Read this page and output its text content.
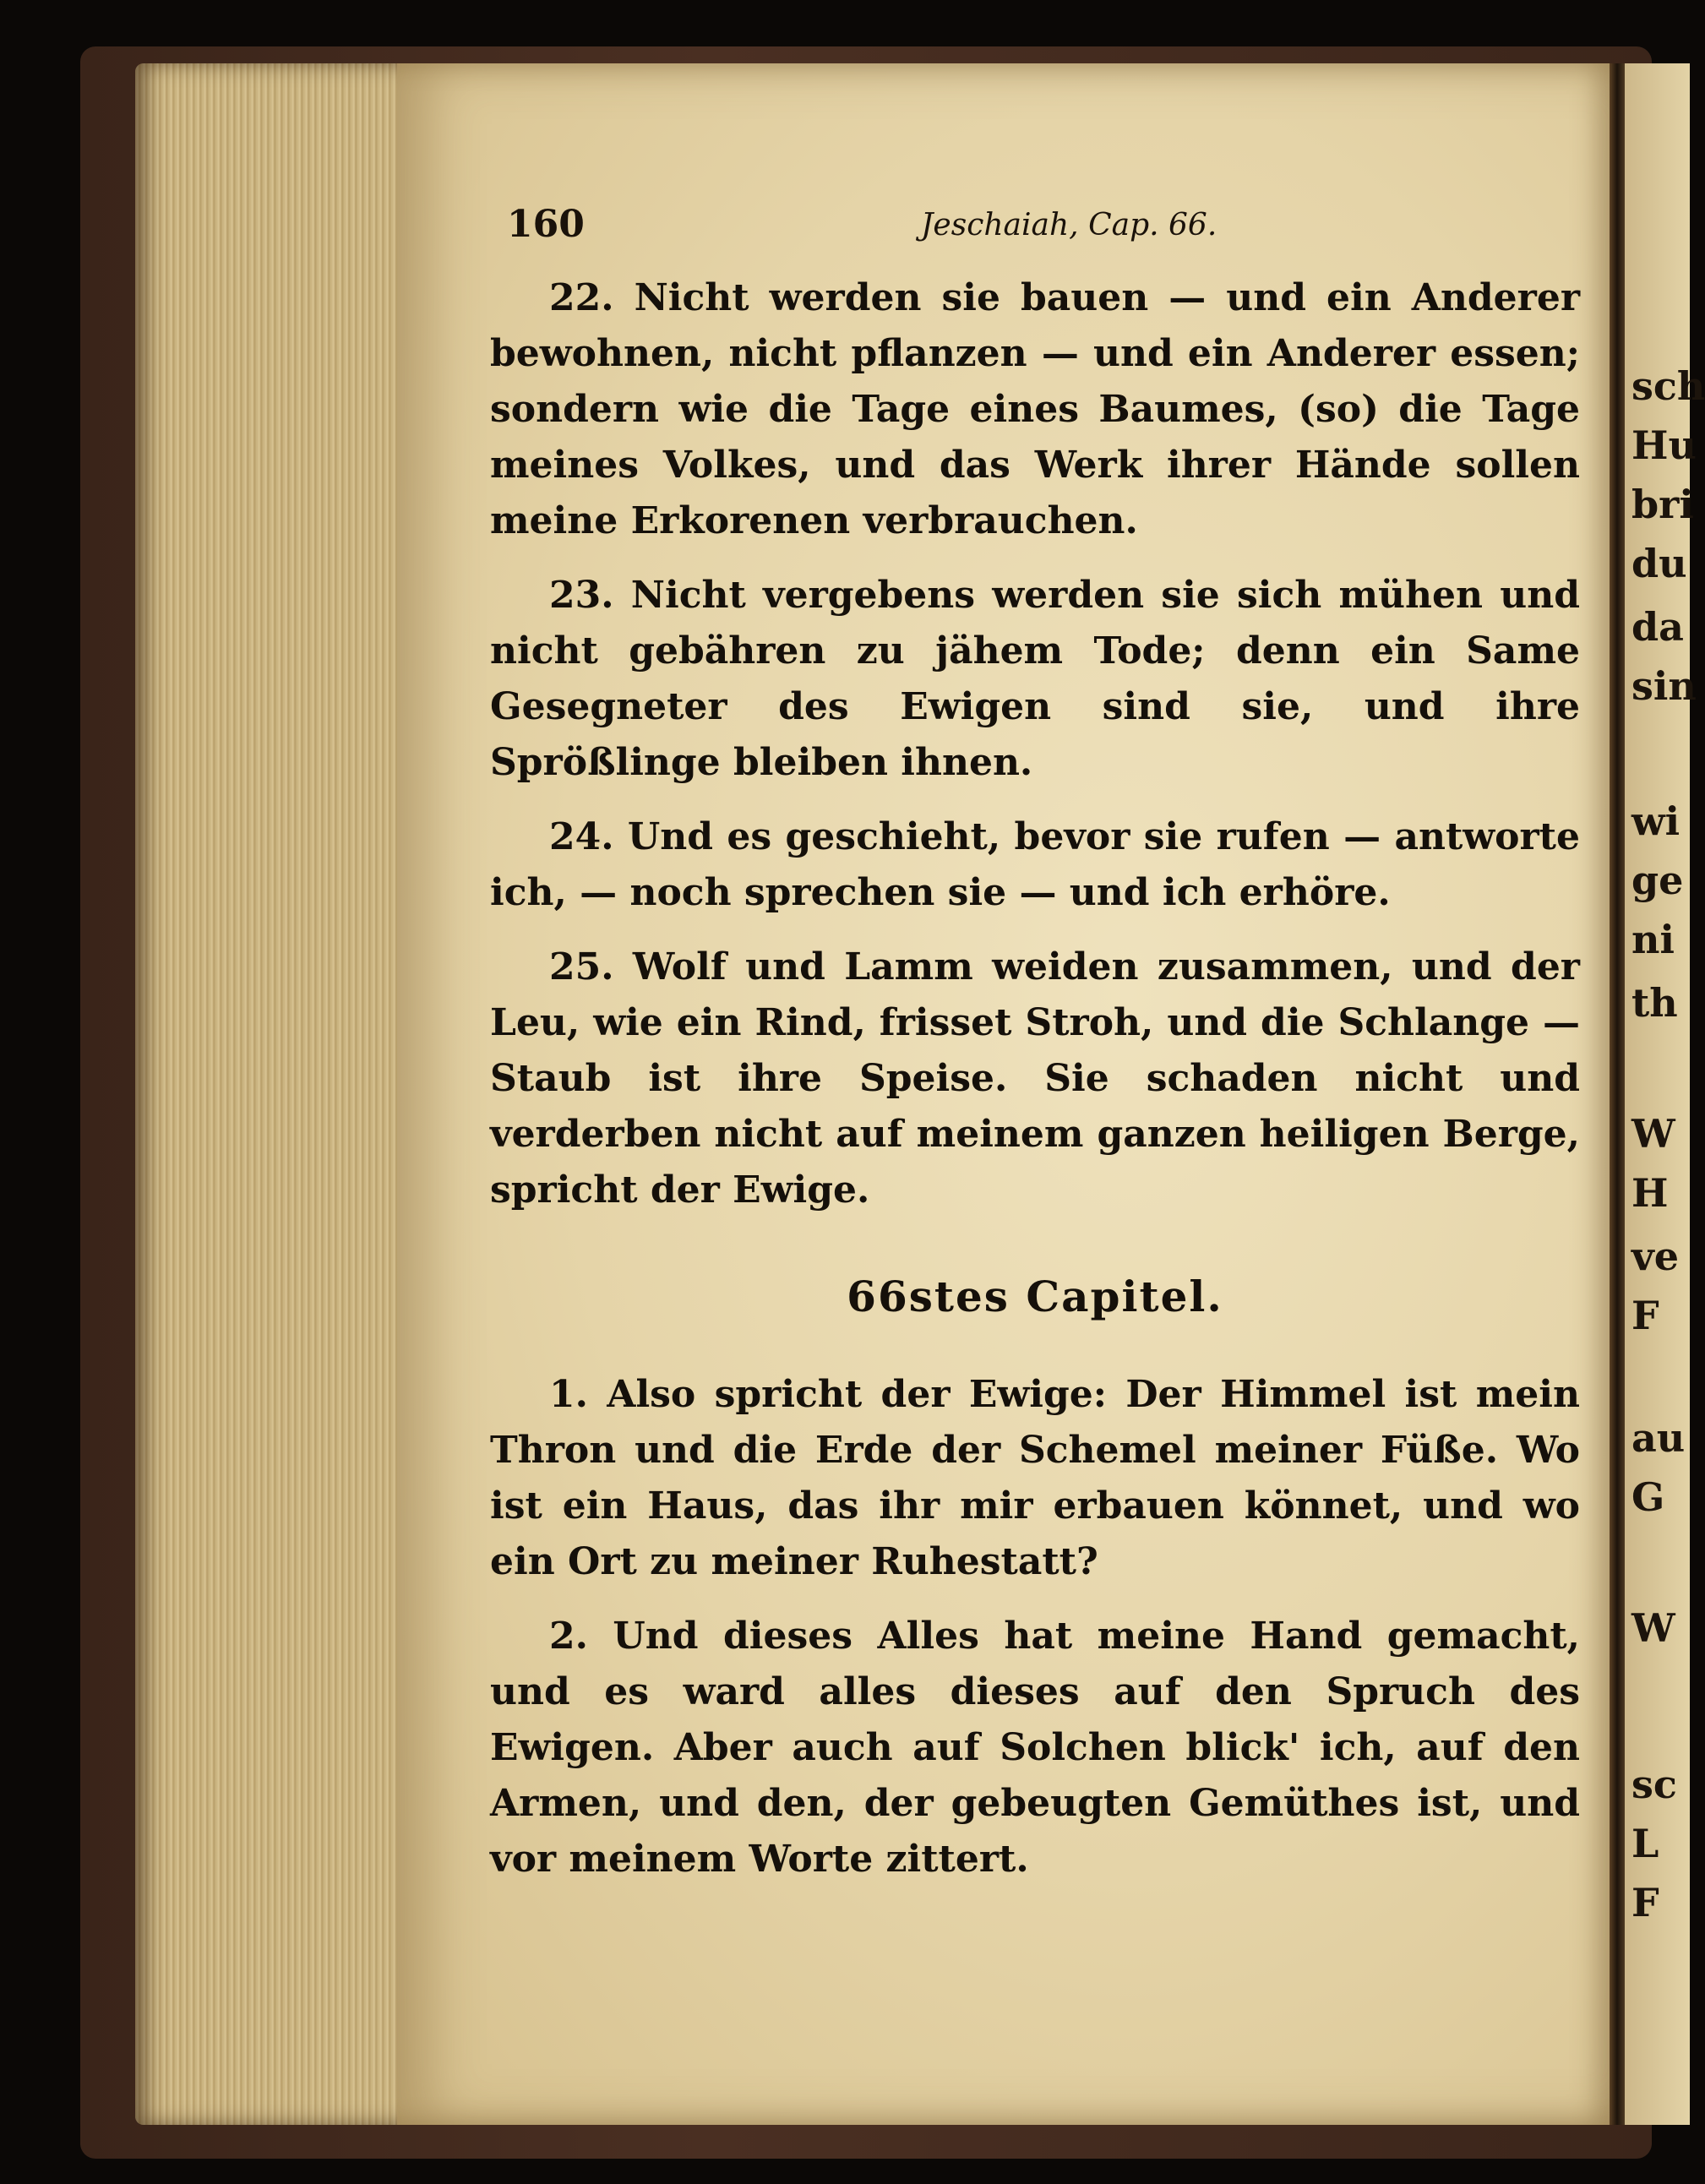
sch
Hu
bri
du
da
sin
wi
ge
ni
th
W
H
ve
F
au
G
W
sc
L
F
160	Jeschaiah, Cap. 66.

22. Nicht werden sie bauen — und ein Anderer bewohnen, nicht pflanzen — und ein Anderer essen; sondern wie die Tage eines Baumes, (so) die Tage meines Volkes, und das Werk ihrer Hände sollen meine Erkorenen verbrauchen.

23. Nicht vergebens werden sie sich mühen und nicht gebähren zu jähem Tode; denn ein Same Gesegneter des Ewigen sind sie, und ihre Sprößlinge bleiben ihnen.

24. Und es geschieht, bevor sie rufen — antworte ich, — noch sprechen sie — und ich erhöre.

25. Wolf und Lamm weiden zusammen, und der Leu, wie ein Rind, frisset Stroh, und die Schlange — Staub ist ihre Speise. Sie schaden nicht und verderben nicht auf meinem ganzen heiligen Berge, spricht der Ewige.

66stes Capitel.

1. Also spricht der Ewige: Der Himmel ist mein Thron und die Erde der Schemel meiner Füße. Wo ist ein Haus, das ihr mir erbauen könnet, und wo ein Ort zu meiner Ruhestatt?

2. Und dieses Alles hat meine Hand gemacht, und es ward alles dieses auf den Spruch des Ewigen. Aber auch auf Solchen blick' ich, auf den Armen, und den, der gebeugten Gemüthes ist, und vor meinem Worte zittert.
